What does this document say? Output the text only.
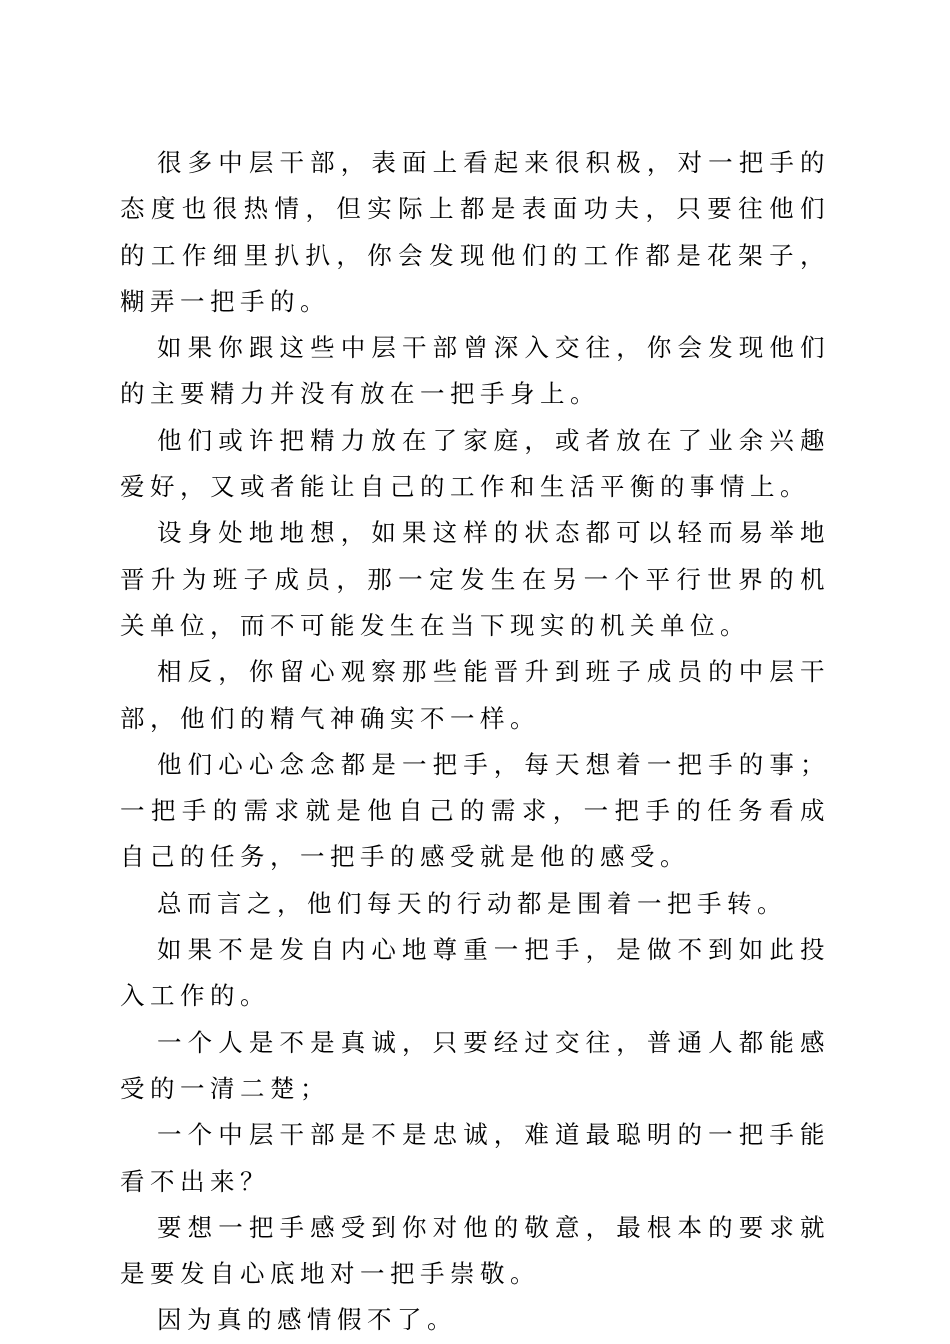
很多中层干部，表面上看起来很积极，对一把手的态度也很热情，但实际上都是表面功夫，只要往他们的工作细里扒扒，你会发现他们的工作都是花架子，糊弄一把手的。

如果你跟这些中层干部曾深入交往，你会发现他们的主要精力并没有放在一把手身上。

他们或许把精力放在了家庭，或者放在了业余兴趣爱好，又或者能让自己的工作和生活平衡的事情上。

设身处地地想，如果这样的状态都可以轻而易举地晋升为班子成员，那一定发生在另一个平行世界的机关单位，而不可能发生在当下现实的机关单位。

相反，你留心观察那些能晋升到班子成员的中层干部，他们的精气神确实不一样。

他们心心念念都是一把手，每天想着一把手的事；一把手的需求就是他自己的需求，一把手的任务看成自己的任务，一把手的感受就是他的感受。

总而言之，他们每天的行动都是围着一把手转。

如果不是发自内心地尊重一把手，是做不到如此投入工作的。

一个人是不是真诚，只要经过交往，普通人都能感受的一清二楚；

一个中层干部是不是忠诚，难道最聪明的一把手能看不出来？

要想一把手感受到你对他的敬意，最根本的要求就是要发自心底地对一把手崇敬。

因为真的感情假不了。
